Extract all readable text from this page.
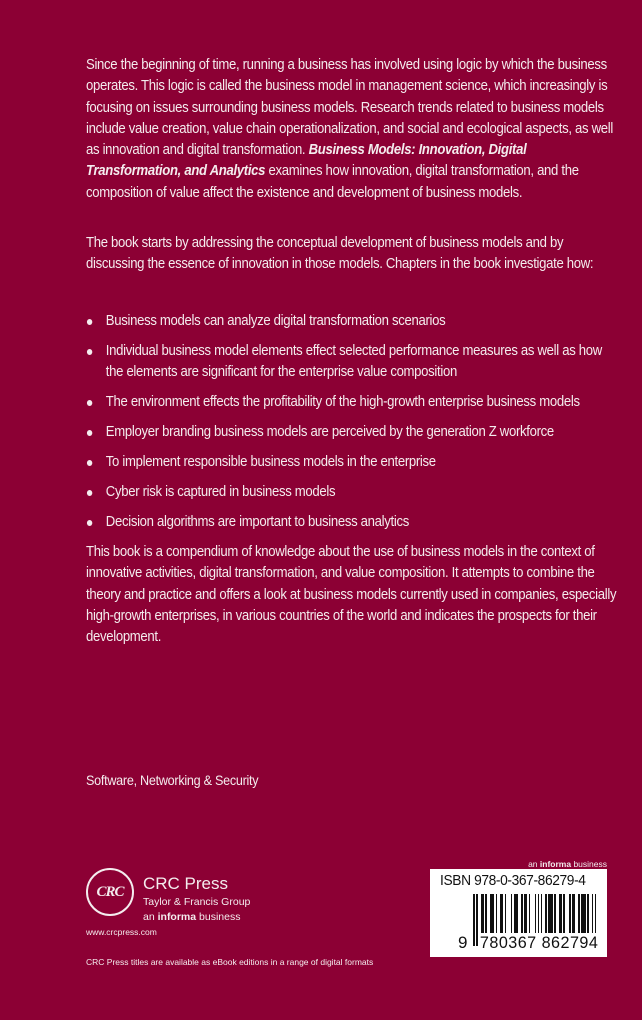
Since the beginning of time, running a business has involved using logic by which the business operates. This logic is called the business model in management science, which increasingly is focusing on issues surrounding business models. Research trends related to business models include value creation, value chain operationalization, and social and ecological aspects, as well as innovation and digital transformation. Business Models: Innovation, Digital Transformation, and Analytics examines how innovation, digital transformation, and the composition of value affect the existence and development of business models.

The book starts by addressing the conceptual development of business models and by discussing the essence of innovation in those models. Chapters in the book investigate how:

Business models can analyze digital transformation scenarios
Individual business model elements effect selected performance measures as well as how the elements are significant for the enterprise value composition
The environment effects the profitability of the high-growth enterprise business models
Employer branding business models are perceived by the generation Z workforce
To implement responsible business models in the enterprise
Cyber risk is captured in business models
Decision algorithms are important to business analytics

This book is a compendium of knowledge about the use of business models in the context of innovative activities, digital transformation, and value composition. It attempts to combine the theory and practice and offers a look at business models currently used in companies, especially high-growth enterprises, in various countries of the world and indicates the prospects for their development.

Software, Networking & Security
CRC CRC Press
Taylor & Francis Group
an informa business
www.crcpress.com
CRC Press titles are available as eBook editions in a range of digital formats
an informa business
ISBN 978-0-367-86279-4
9 780367 862794
